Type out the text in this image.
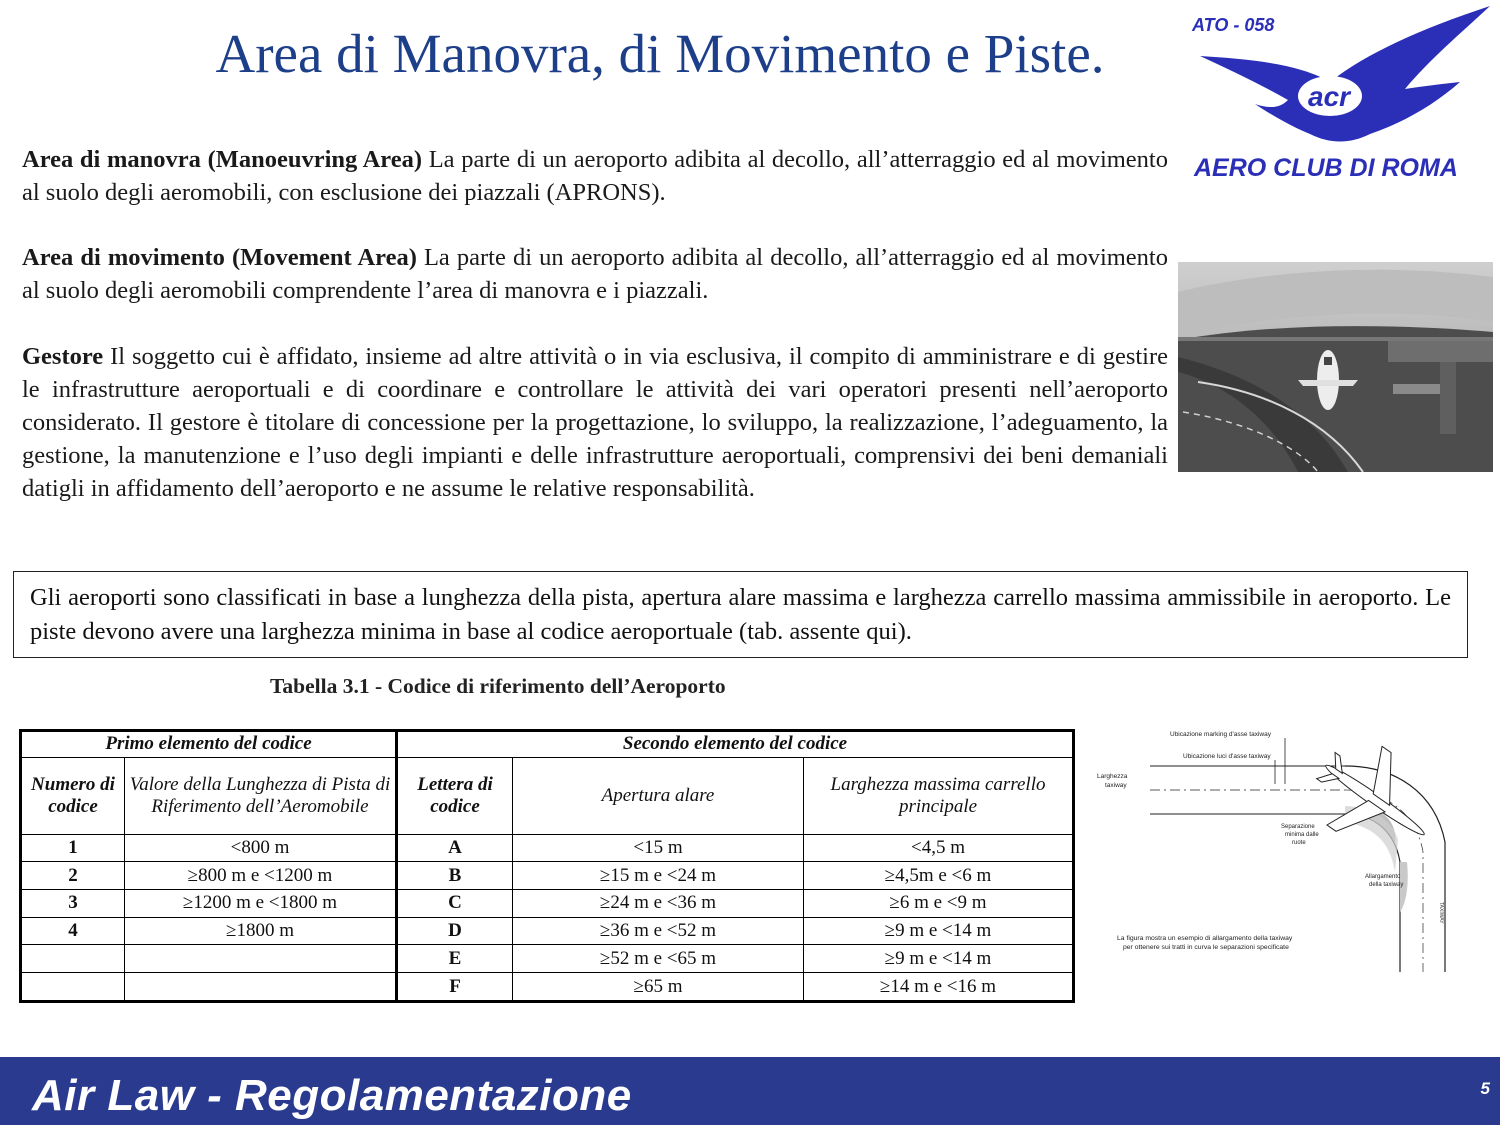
Area di Manovra, di Movimento e Piste.	ATO - 058
acr
AERO CLUB DI ROMA
Area di manovra (Manoeuvring Area) La parte di un aeroporto adibita al decollo, all’atterraggio ed al movimento al suolo degli aeromobili, con esclusione dei piazzali (APRONS).
Area di movimento (Movement Area) La parte di un aeroporto adibita al decollo, all’atterraggio ed al movimento al suolo degli aeromobili comprendente l’area di manovra e i piazzali.
Gestore Il soggetto cui è affidato, insieme ad altre attività o in via esclusiva, il compito di amministrare e di gestire le infrastrutture aeroportuali e di coordinare e controllare le attività dei vari operatori presenti nell’aeroporto considerato. Il gestore è titolare di concessione per la progettazione, lo sviluppo, la realizzazione, l’adeguamento, la gestione, la manutenzione e l’uso degli impianti e delle infrastrutture aeroportuali, comprensivi dei beni demaniali datigli in affidamento dell’aeroporto e ne assume le relative responsabilità.
Gli aeroporti sono classificati in base a lunghezza della pista, apertura alare massima e larghezza carrello massima ammissibile in aeroporto. Le piste devono avere una larghezza minima in base al codice aeroportuale (tab. assente qui).
Tabella 3.1 - Codice di riferimento dell’Aeroporto
Primo elemento del codice		Secondo elemento del codice		
Numero di codice	Valore della Lunghezza di Pista di Riferimento dell’Aeromobile	Lettera di codice	Apertura alare	Larghezza massima carrello principale
1	<800 m	A	<15 m	<4,5 m
2	≥800 m e <1200 m	B	≥15 m e <24 m	≥4,5m e <6 m
3	≥1200 m e <1800 m	C	≥24 m e <36 m	≥6 m e <9 m
4	≥1800 m	D	≥36 m e <52 m	≥9 m e <14 m
		E	≥52 m e <65 m	≥9 m e <14 m
		F	≥65 m	≥14 m e <16 m
Ubicazione marking d'asse taxiway
Ubicazione luci d'asse taxiway
Larghezza
taxiway
Separazione
minima dalle
ruote
Allargamento
della taxiway
TAXIWAY
La figura mostra un esempio di allargamento della taxiway
per ottenere sui tratti in curva le separazioni specificate
Air Law - Regolamentazione	5
